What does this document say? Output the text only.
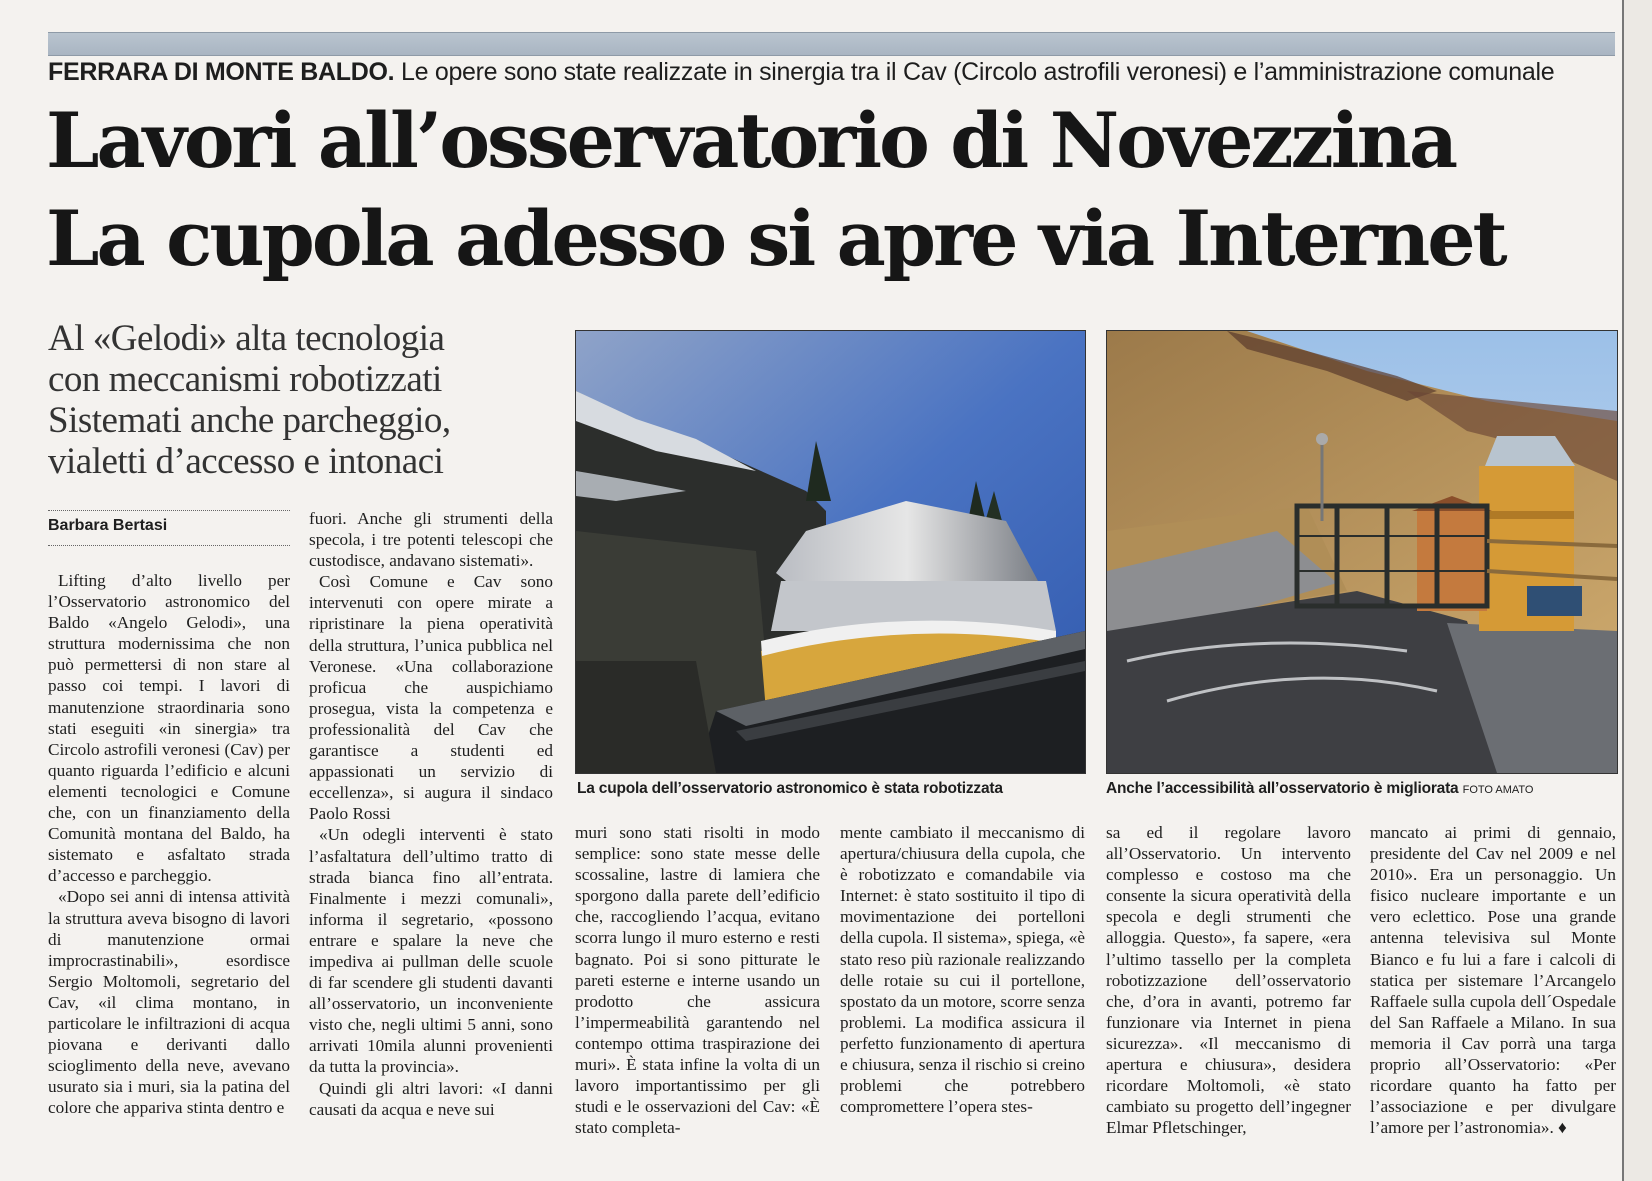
FERRARA DI MONTE BALDO. Le opere sono state realizzate in sinergia tra il Cav (Circolo astrofili veronesi) e l’amministrazione comunale
Lavori all’osservatorio di Novezzina
La cupola adesso si apre via Internet
Al «Gelodi» alta tecnologia
con meccanismi robotizzati
Sistemati anche parcheggio,
vialetti d’accesso e intonaci
Barbara Bertasi

Lifting d’alto livello per l’Osservatorio astronomico del Baldo «Angelo Gelodi», una struttura modernissima che non può permettersi di non stare al passo coi tempi. I lavori di manutenzione straordinaria sono stati eseguiti «in sinergia» tra Circolo astrofili veronesi (Cav) per quanto riguarda l’edificio e alcuni elementi tecnologici e Comune che, con un finanziamento della Comunità montana del Baldo, ha sistemato e asfaltato strada d’accesso e parcheggio.

«Dopo sei anni di intensa attività la struttura aveva bisogno di lavori di manutenzione ormai improcrastinabili», esordisce Sergio Moltomoli, segretario del Cav, «il clima montano, in particolare le infiltrazioni di acqua piovana e derivanti dallo scioglimento della neve, avevano usurato sia i muri, sia la patina del colore che appariva stinta dentro e

fuori. Anche gli strumenti della specola, i tre potenti telescopi che custodisce, andavano sistemati».

Così Comune e Cav sono intervenuti con opere mirate a ripristinare la piena operatività della struttura, l’unica pubblica nel Veronese. «Una collaborazione proficua che auspichiamo prosegua, vista la competenza e professionalità del Cav che garantisce a studenti ed appassionati un servizio di eccellenza», si augura il sindaco Paolo Rossi

«Un odegli interventi è stato l’asfaltatura dell’ultimo tratto di strada bianca fino all’entrata. Finalmente i mezzi comunali», informa il segretario, «possono entrare e spalare la neve che impediva ai pullman delle scuole di far scendere gli studenti davanti all’osservatorio, un inconveniente visto che, negli ultimi 5 anni, sono arrivati 10mila alunni provenienti da tutta la provincia».

Quindi gli altri lavori: «I danni causati da acqua e neve sui

La cupola dell’osservatorio astronomico è stata robotizzata	Anche l’accessibilità all’osservatorio è migliorata FOTO AMATO

muri sono stati risolti in modo semplice: sono state messe delle scossaline, lastre di lamiera che sporgono dalla parete dell’edificio che, raccogliendo l’acqua, evitano scorra lungo il muro esterno e resti bagnato. Poi si sono pitturate le pareti esterne e interne usando un prodotto che assicura l’impermeabilità garantendo nel contempo ottima traspirazione dei muri». È stata infine la volta di un lavoro importantissimo per gli studi e le osservazioni del Cav: «È stato completa-

mente cambiato il meccanismo di apertura/chiusura della cupola, che è robotizzato e comandabile via Internet: è stato sostituito il tipo di movimentazione dei portelloni della cupola. Il sistema», spiega, «è stato reso più razionale realizzando delle rotaie su cui il portellone, spostato da un motore, scorre senza problemi. La modifica assicura il perfetto funzionamento di apertura e chiusura, senza il rischio si creino problemi che potrebbero compromettere l’opera stes-

sa ed il regolare lavoro all’Osservatorio. Un intervento complesso e costoso ma che consente la sicura operatività della specola e degli strumenti che alloggia. Questo», fa sapere, «era l’ultimo tassello per la completa robotizzazione dell’osservatorio che, d’ora in avanti, potremo far funzionare via Internet in piena sicurezza». «Il meccanismo di apertura e chiusura», desidera ricordare Moltomoli, «è stato cambiato su progetto dell’ingegner Elmar Pfletschinger,

mancato ai primi di gennaio, presidente del Cav nel 2009 e nel 2010». Era un personaggio. Un fisico nucleare importante e un vero eclettico. Pose una grande antenna televisiva sul Monte Bianco e fu lui a fare i calcoli di statica per sistemare l’Arcangelo Raffaele sulla cupola dell´Ospedale del San Raffaele a Milano. In sua memoria il Cav porrà una targa proprio all’Osservatorio: «Per ricordare quanto ha fatto per l’associazione e per divulgare l’amore per l’astronomia». ♦
